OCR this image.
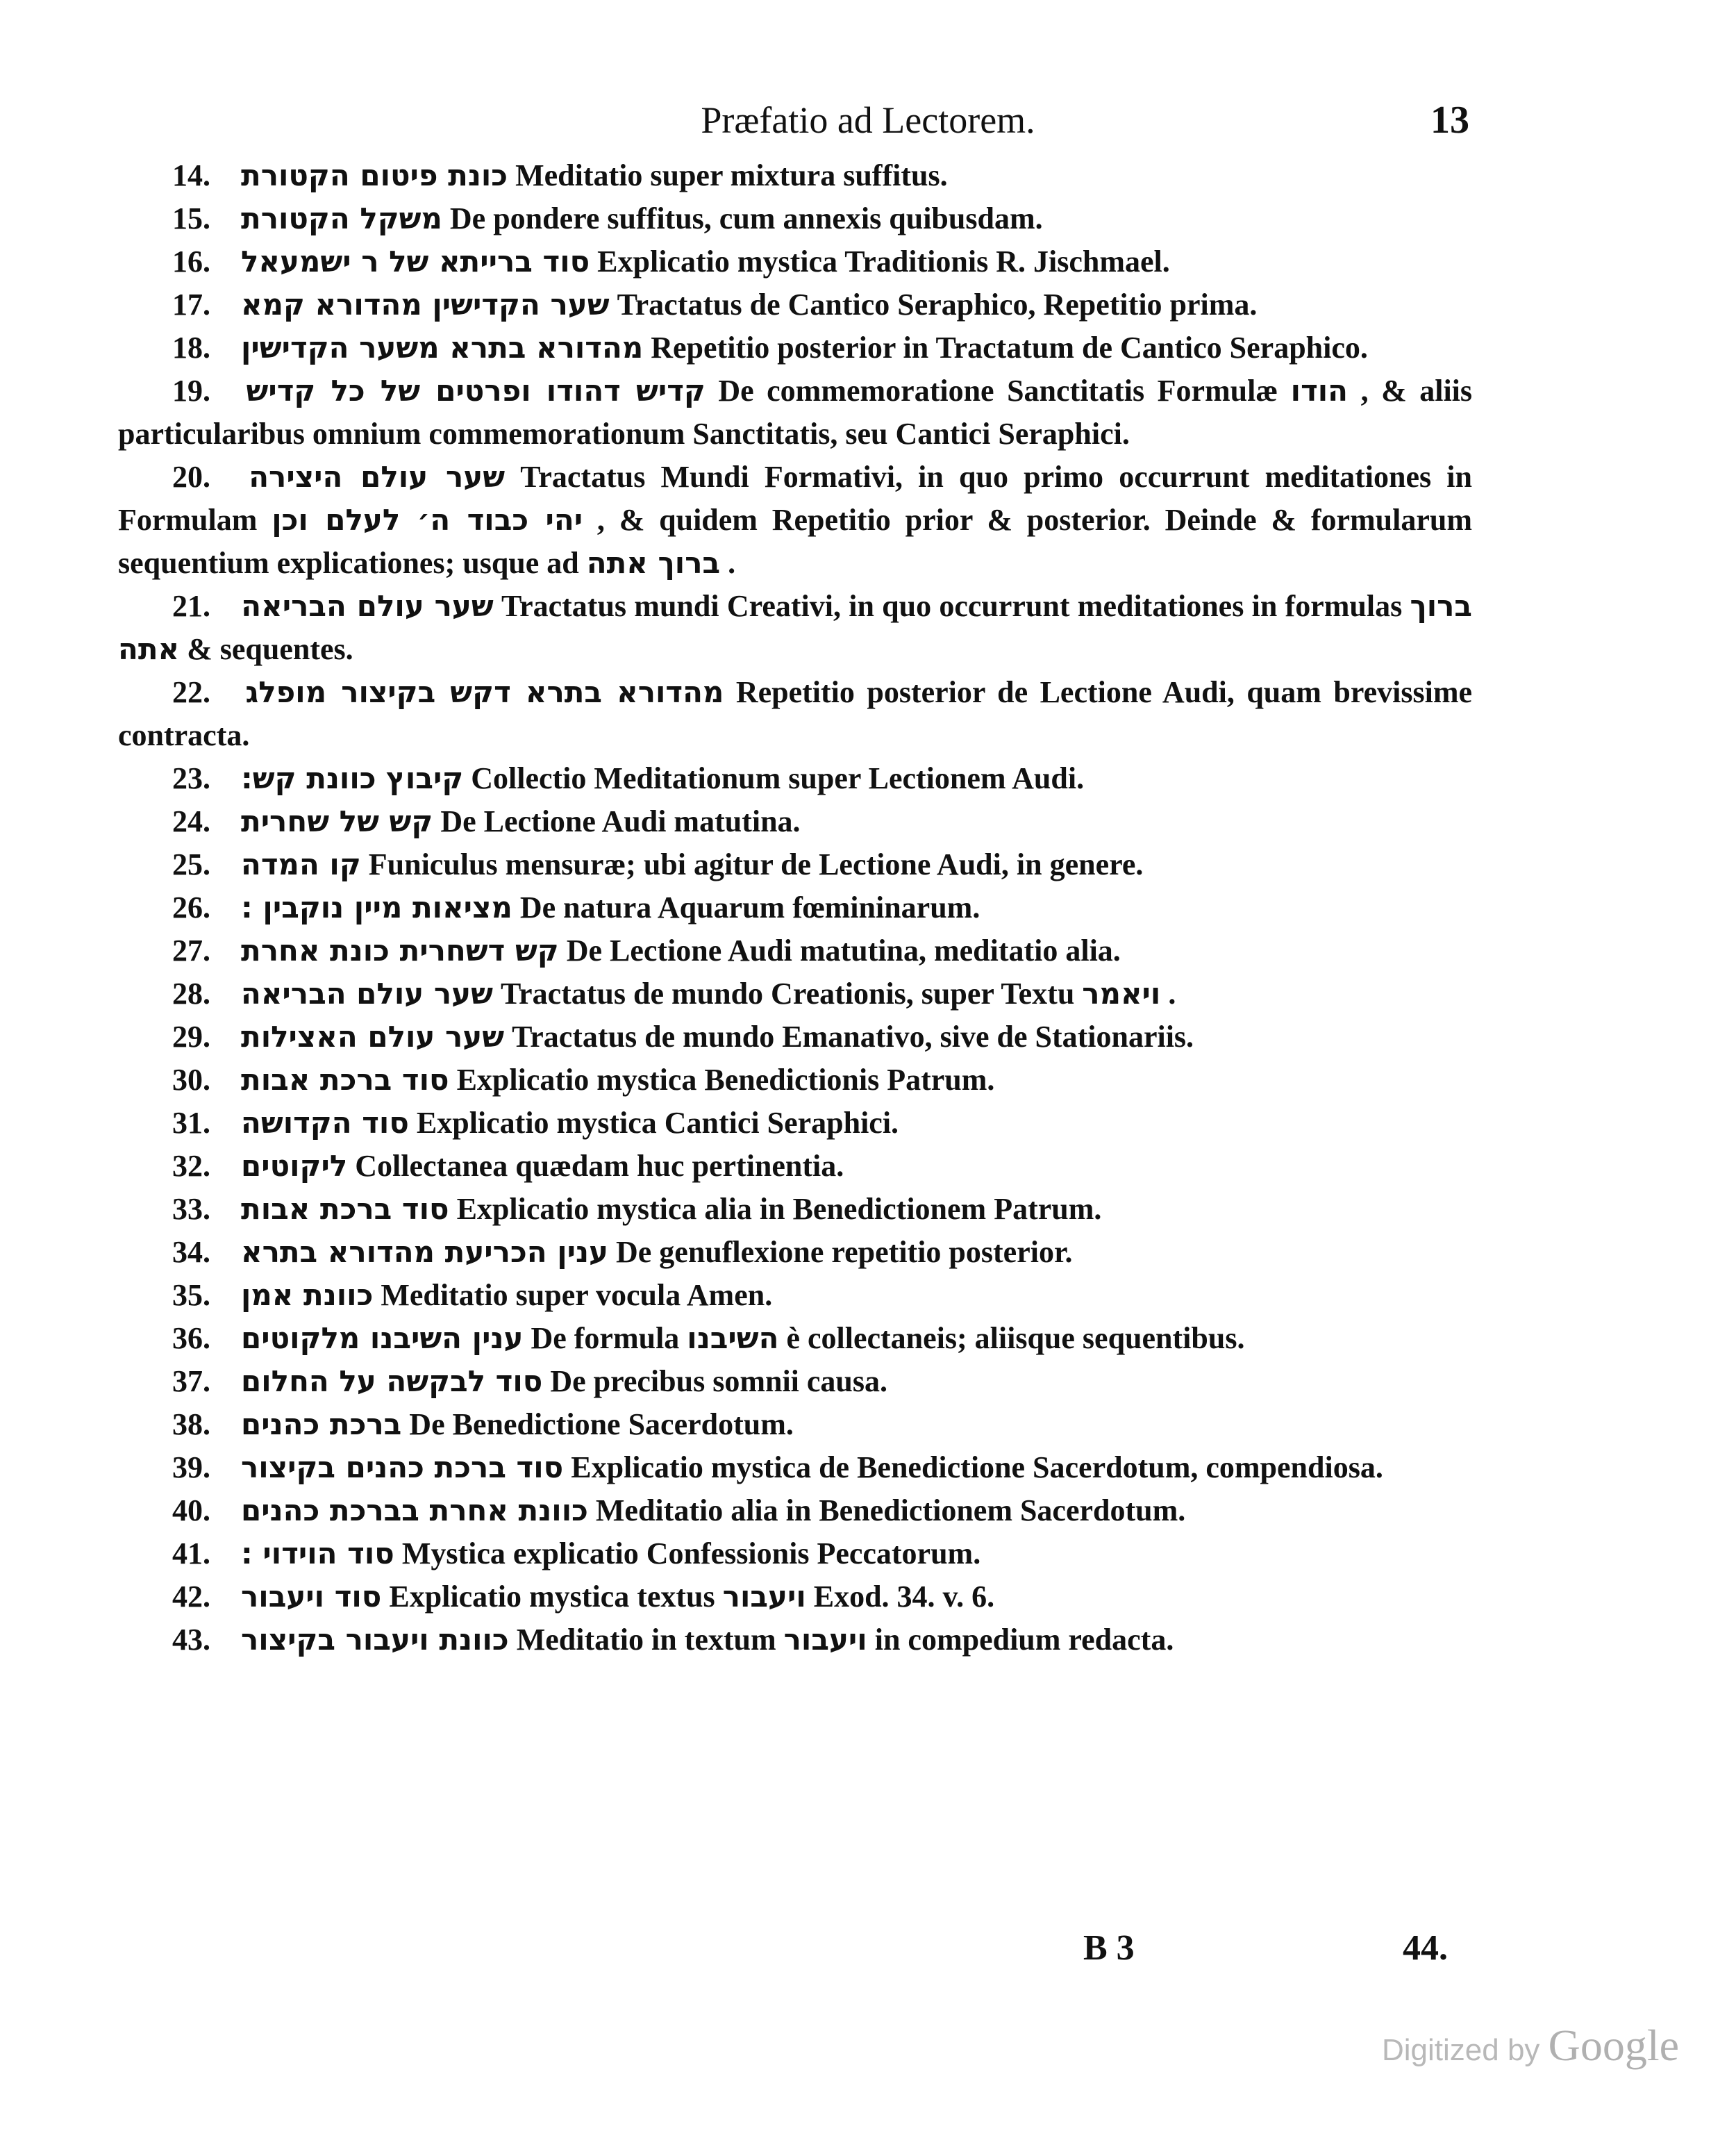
Præfatio ad Lectorem.	13

14. כונת פיטום הקטורת Meditatio super mixtura suffitus.

15. משקל הקטורת De pondere suffitus, cum annexis quibusdam.

16. סוד ברייתא של ר ישמעאל Explicatio mystica Traditionis R. Jischmael.

17. שער הקדישין מהדורא קמא Tractatus de Cantico Seraphico, Repetitio prima.

18. מהדורא בתרא משער הקדישין Repetitio posterior in Tractatum de Cantico Seraphico.

19. קדיש דהודו ופרטים של כל קדיש De commemoratione Sanctitatis Formulæ הודו , & aliis particularibus omnium commemorationum Sanctitatis, seu Cantici Seraphici.

20. שער עולם היצירה Tractatus Mundi Formativi, in quo primo occurrunt meditationes in Formulam יהי כבוד ה׳ לעלם וכן , & quidem Repetitio prior & posterior. Deinde & formularum sequentium explicationes; usque ad ברוך אתה .

21. שער עולם הבריאה Tractatus mundi Creativi, in quo occurrunt meditationes in formulas ברוך אתה & sequentes.

22. מהדורא בתרא דקש בקיצור מופלג Repetitio posterior de Lectione Audi, quam brevissime contracta.

23. קיבוץ כוונת קש: Collectio Meditationum super Lectionem Audi.

24. קש של שחרית De Lectione Audi matutina.

25. קו המדה Funiculus mensuræ; ubi agitur de Lectione Audi, in genere.

26. מציאות מיין נוקבין : De natura Aquarum fœmininarum.

27. קש דשחרית כונת אחרת De Lectione Audi matutina, meditatio alia.

28. שער עולם הבריאה Tractatus de mundo Creationis, super Textu ויאמר .

29. שער עולם האצילות Tractatus de mundo Emanativo, sive de Stationariis.

30. סוד ברכת אבות Explicatio mystica Benedictionis Patrum.

31. סוד הקדושה Explicatio mystica Cantici Seraphici.

32. ליקוטים Collectanea quædam huc pertinentia.

33. סוד ברכת אבות Explicatio mystica alia in Benedictionem Patrum.

34. ענין הכריעת מהדורא בתרא De genuflexione repetitio posterior.

35. כוונת אמן Meditatio super vocula Amen.

36. ענין השיבנו מלקוטים De formula השיבנו è collectaneis; aliisque sequentibus.

37. סוד לבקשה על החלום De precibus somnii causa.

38. ברכת כהנים De Benedictione Sacerdotum.

39. סוד ברכת כהנים בקיצור Explicatio mystica de Benedictione Sacerdotum, compendiosa.

40. כוונת אחרת בברכת כהנים Meditatio alia in Benedictionem Sacerdotum.

41. סוד הוידוי : Mystica explicatio Confessionis Peccatorum.

42. סוד ויעבור Explicatio mystica textus ויעבור Exod. 34. v. 6.

43. כוונת ויעבור בקיצור Meditatio in textum ויעבור in compedium redacta.

B 3	44.
Digitized by Google
